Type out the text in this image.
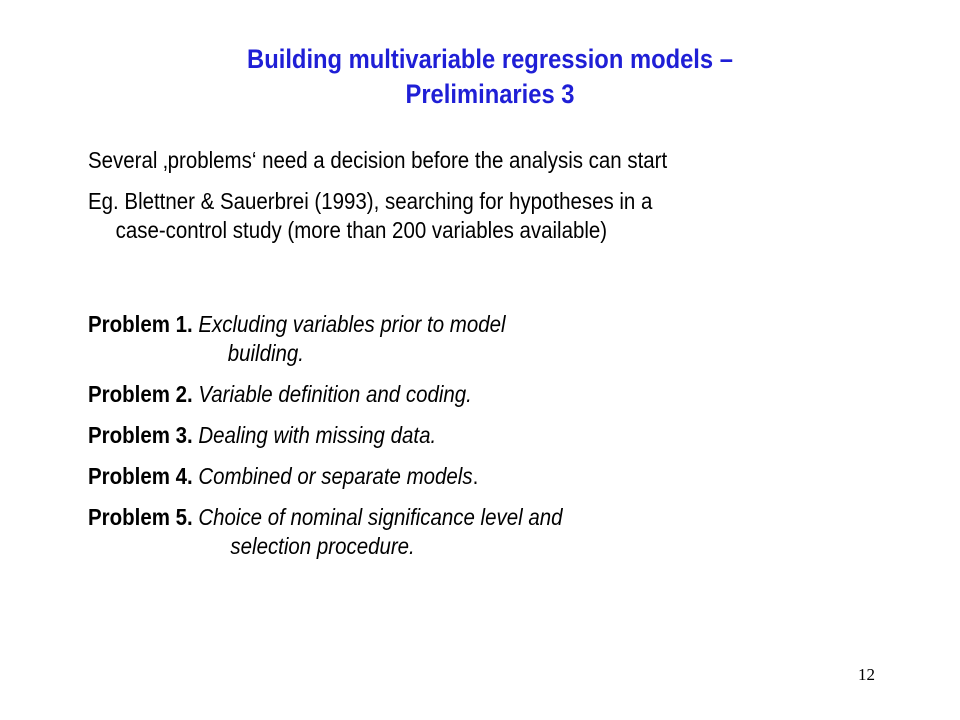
Building multivariable regression models –
Preliminaries 3
Several ‚problems‘ need a decision before the analysis can start
Eg. Blettner & Sauerbrei (1993), searching for hypotheses in a
case-control study (more than 200 variables available)
Problem 1. Excluding variables prior to model
building.
Problem 2. Variable definition and coding.
Problem 3. Dealing with missing data.
Problem 4. Combined or separate models.
Problem 5. Choice of nominal significance level and
selection procedure.
12
